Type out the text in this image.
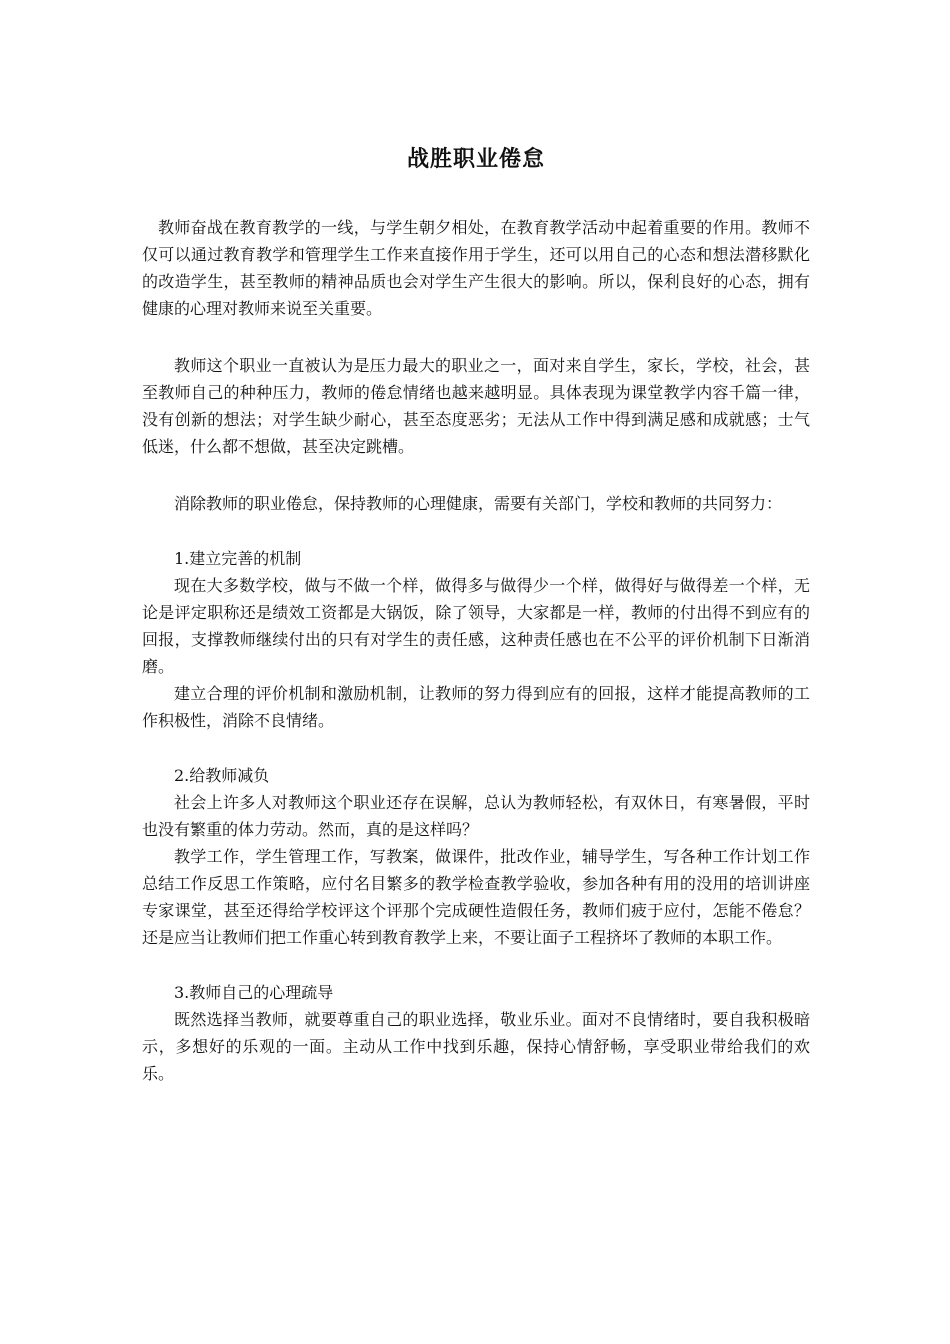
战胜职业倦怠

教师奋战在教育教学的一线，与学生朝夕相处，在教育教学活动中起着重要的作用。教师不仅可以通过教育教学和管理学生工作来直接作用于学生，还可以用自己的心态和想法潜移默化的改造学生，甚至教师的精神品质也会对学生产生很大的影响。所以，保利良好的心态，拥有健康的心理对教师来说至关重要。

教师这个职业一直被认为是压力最大的职业之一，面对来自学生，家长，学校，社会，甚至教师自己的种种压力，教师的倦怠情绪也越来越明显。具体表现为课堂教学内容千篇一律，没有创新的想法；对学生缺少耐心，甚至态度恶劣；无法从工作中得到满足感和成就感；士气低迷，什么都不想做，甚至决定跳槽。

消除教师的职业倦怠，保持教师的心理健康，需要有关部门，学校和教师的共同努力：

1.建立完善的机制

现在大多数学校，做与不做一个样，做得多与做得少一个样，做得好与做得差一个样，无论是评定职称还是绩效工资都是大锅饭，除了领导，大家都是一样，教师的付出得不到应有的回报，支撑教师继续付出的只有对学生的责任感，这种责任感也在不公平的评价机制下日渐消磨。

建立合理的评价机制和激励机制，让教师的努力得到应有的回报，这样才能提高教师的工作积极性，消除不良情绪。

2.给教师减负

社会上许多人对教师这个职业还存在误解，总认为教师轻松，有双休日，有寒暑假，平时也没有繁重的体力劳动。然而，真的是这样吗？

教学工作，学生管理工作，写教案，做课件，批改作业，辅导学生，写各种工作计划工作总结工作反思工作策略，应付名目繁多的教学检查教学验收，参加各种有用的没用的培训讲座专家课堂，甚至还得给学校评这个评那个完成硬性造假任务，教师们疲于应付，怎能不倦怠？还是应当让教师们把工作重心转到教育教学上来，不要让面子工程挤坏了教师的本职工作。

3.教师自己的心理疏导

既然选择当教师，就要尊重自己的职业选择，敬业乐业。面对不良情绪时，要自我积极暗示，多想好的乐观的一面。主动从工作中找到乐趣，保持心情舒畅，享受职业带给我们的欢乐。
